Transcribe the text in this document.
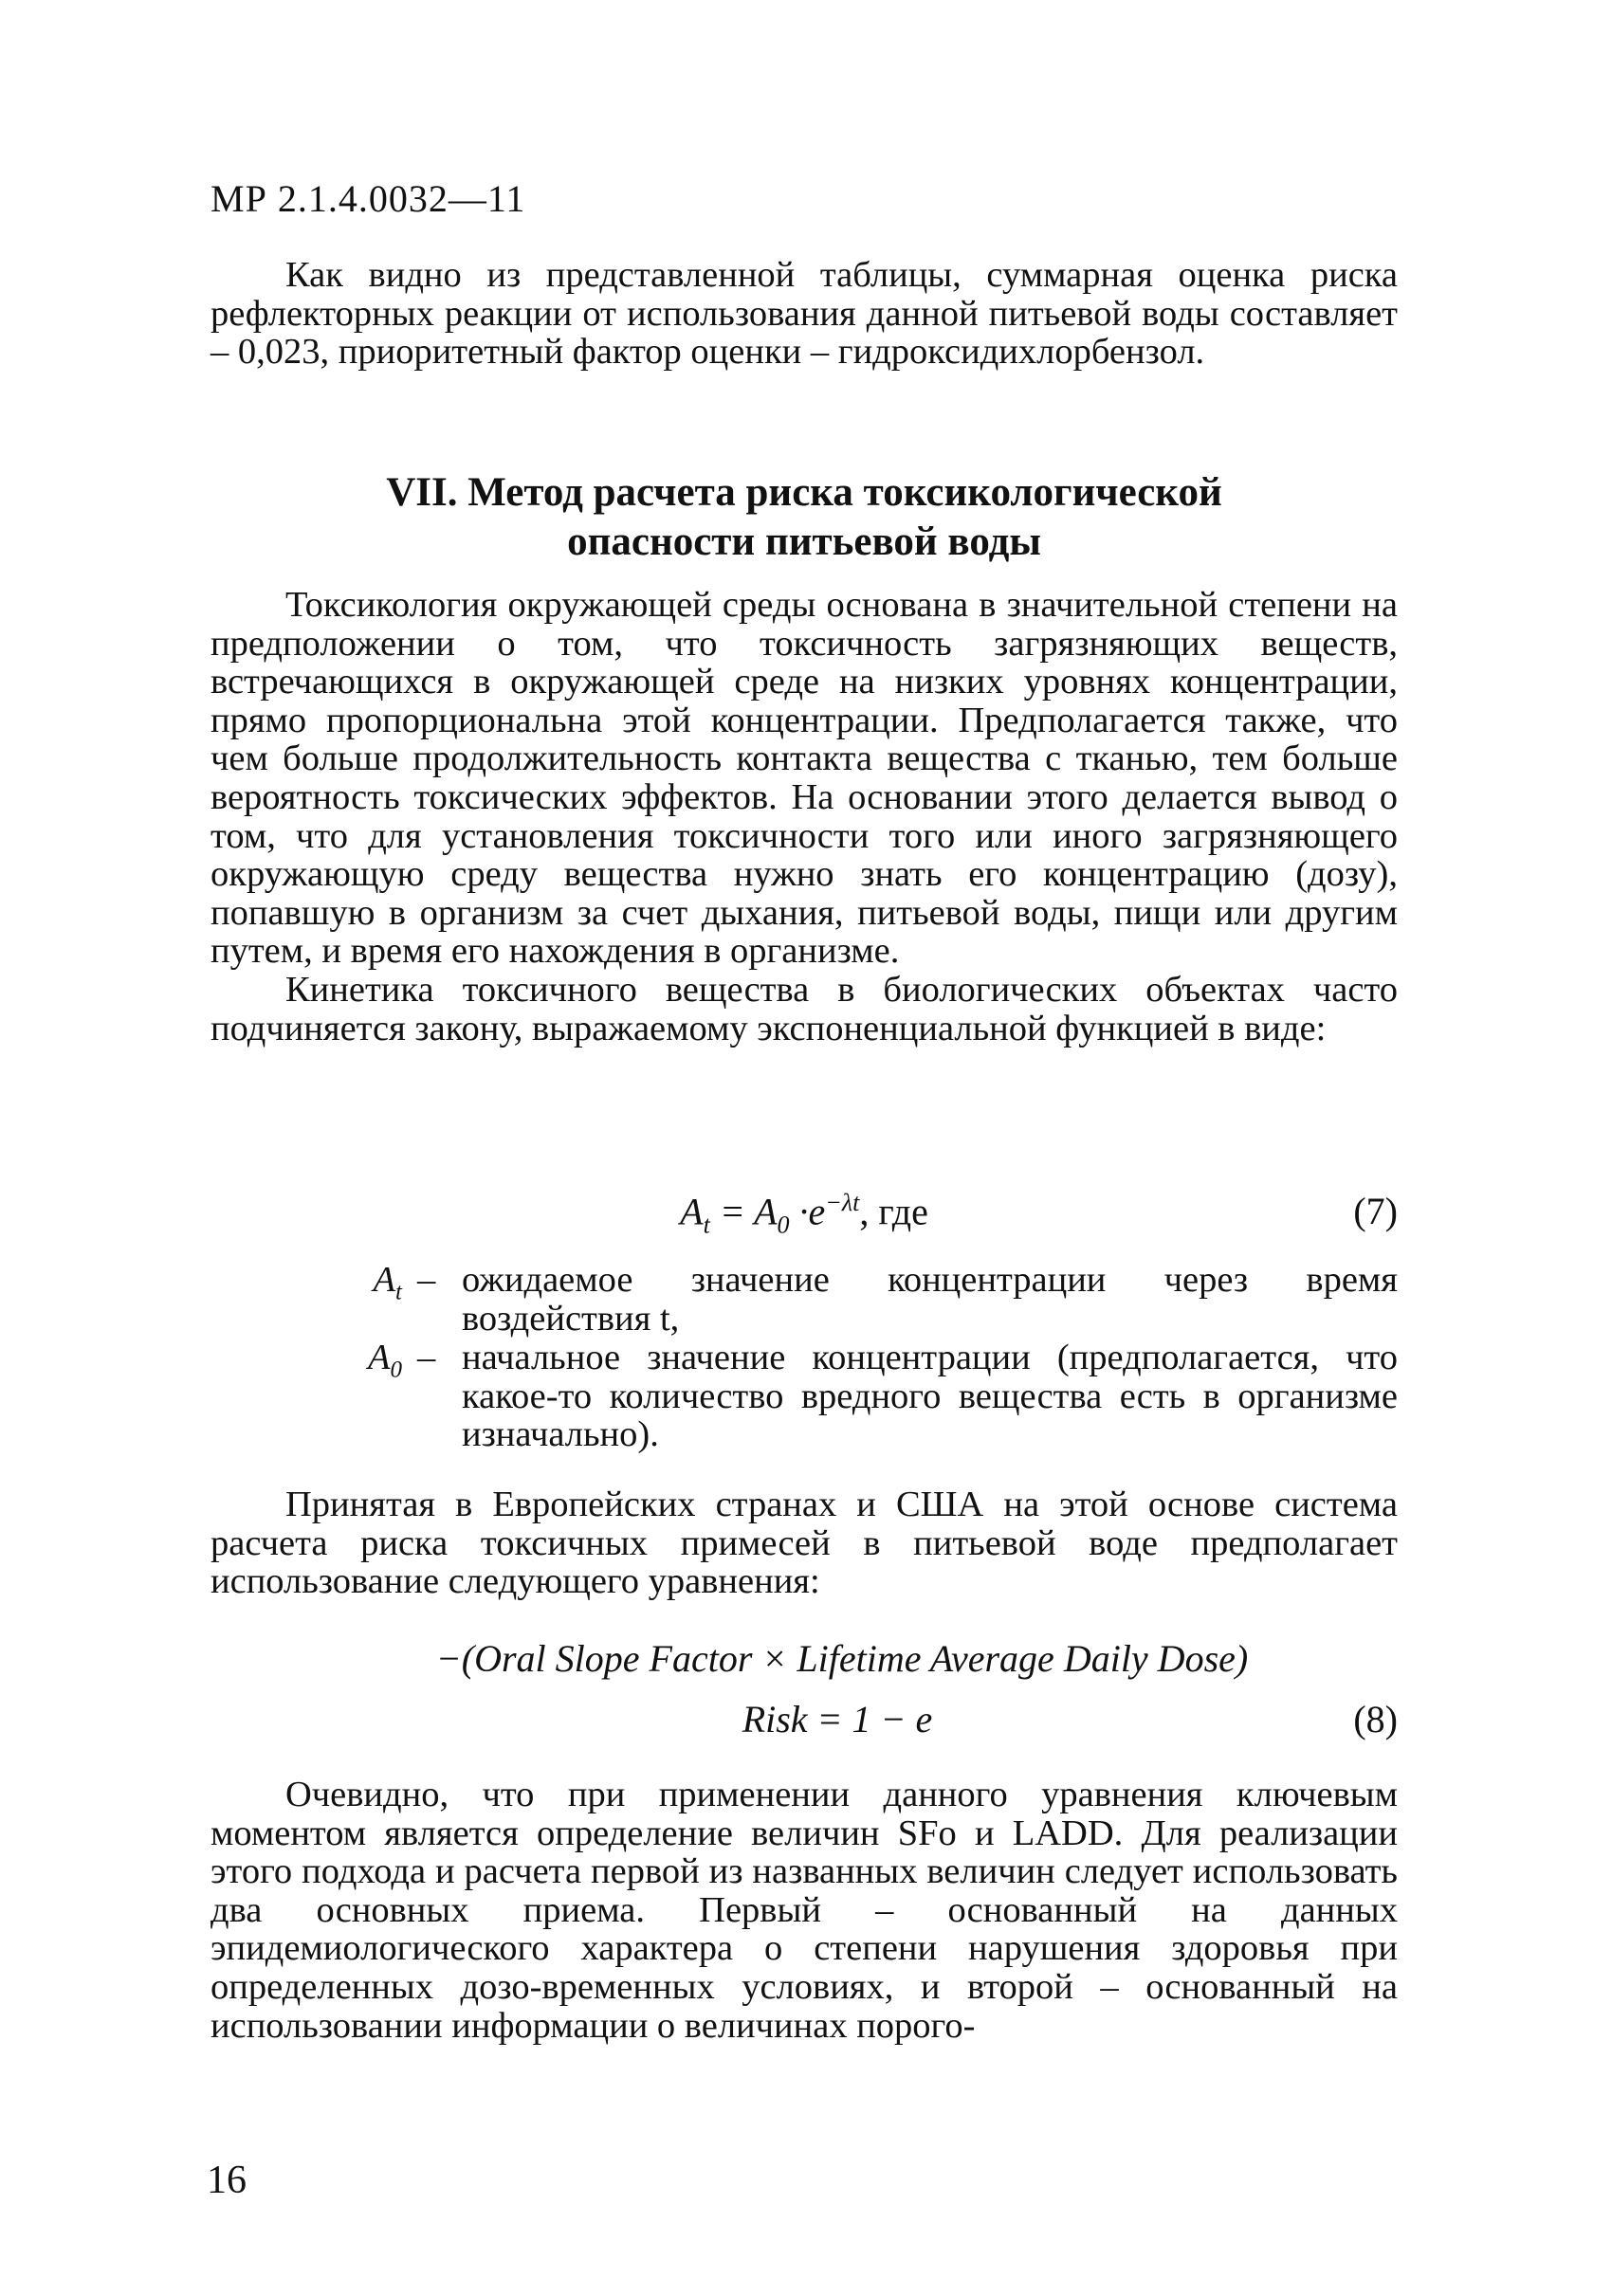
МР 2.1.4.0032—11

Как видно из представленной таблицы, суммарная оценка риска рефлекторных реакции от использования данной питьевой воды составляет – 0,023, приоритетный фактор оценки – гидроксидихлорбензол.

VII. Метод расчета риска токсикологической
опасности питьевой воды

Токсикология окружающей среды основана в значительной степени на предположении о том, что токсичность загрязняющих веществ, встречающихся в окружающей среде на низких уровнях концентрации, прямо пропорциональна этой концентрации. Предполагается также, что чем больше продолжительность контакта вещества с тканью, тем больше вероятность токсических эффектов. На основании этого делается вывод о том, что для установления токсичности того или иного загрязняющего окружающую среду вещества нужно знать его концентрацию (дозу), попавшую в организм за счет дыхания, питьевой воды, пищи или другим путем, и время его нахождения в организме.

Кинетика токсичного вещества в биологических объектах часто подчиняется закону, выражаемому экспоненциальной функцией в виде:

$A_t = A_0 \cdot e^{-\lambda t}$, где	(7)
$A_t$ – ожидаемое значение концентрации через время воздействия t,
$A_0$ – начальное значение концентрации (предполагается, что какое-то количество вредного вещества есть в организме изначально).

Принятая в Европейских странах и США на этой основе система расчета риска токсичных примесей в питьевой воде предполагает использование следующего уравнения:

−(Oral Slope Factor × Lifetime Average Daily Dose)
Risk = 1 − e	(8)

Очевидно, что при применении данного уравнения ключевым моментом является определение величин SFo и LADD. Для реализации этого подхода и расчета первой из названных величин следует использовать два основных приема. Первый – основанный на данных эпидемиологического характера о степени нарушения здоровья при определенных дозо-временных условиях, и второй – основанный на использовании информации о величинах порого-

16
